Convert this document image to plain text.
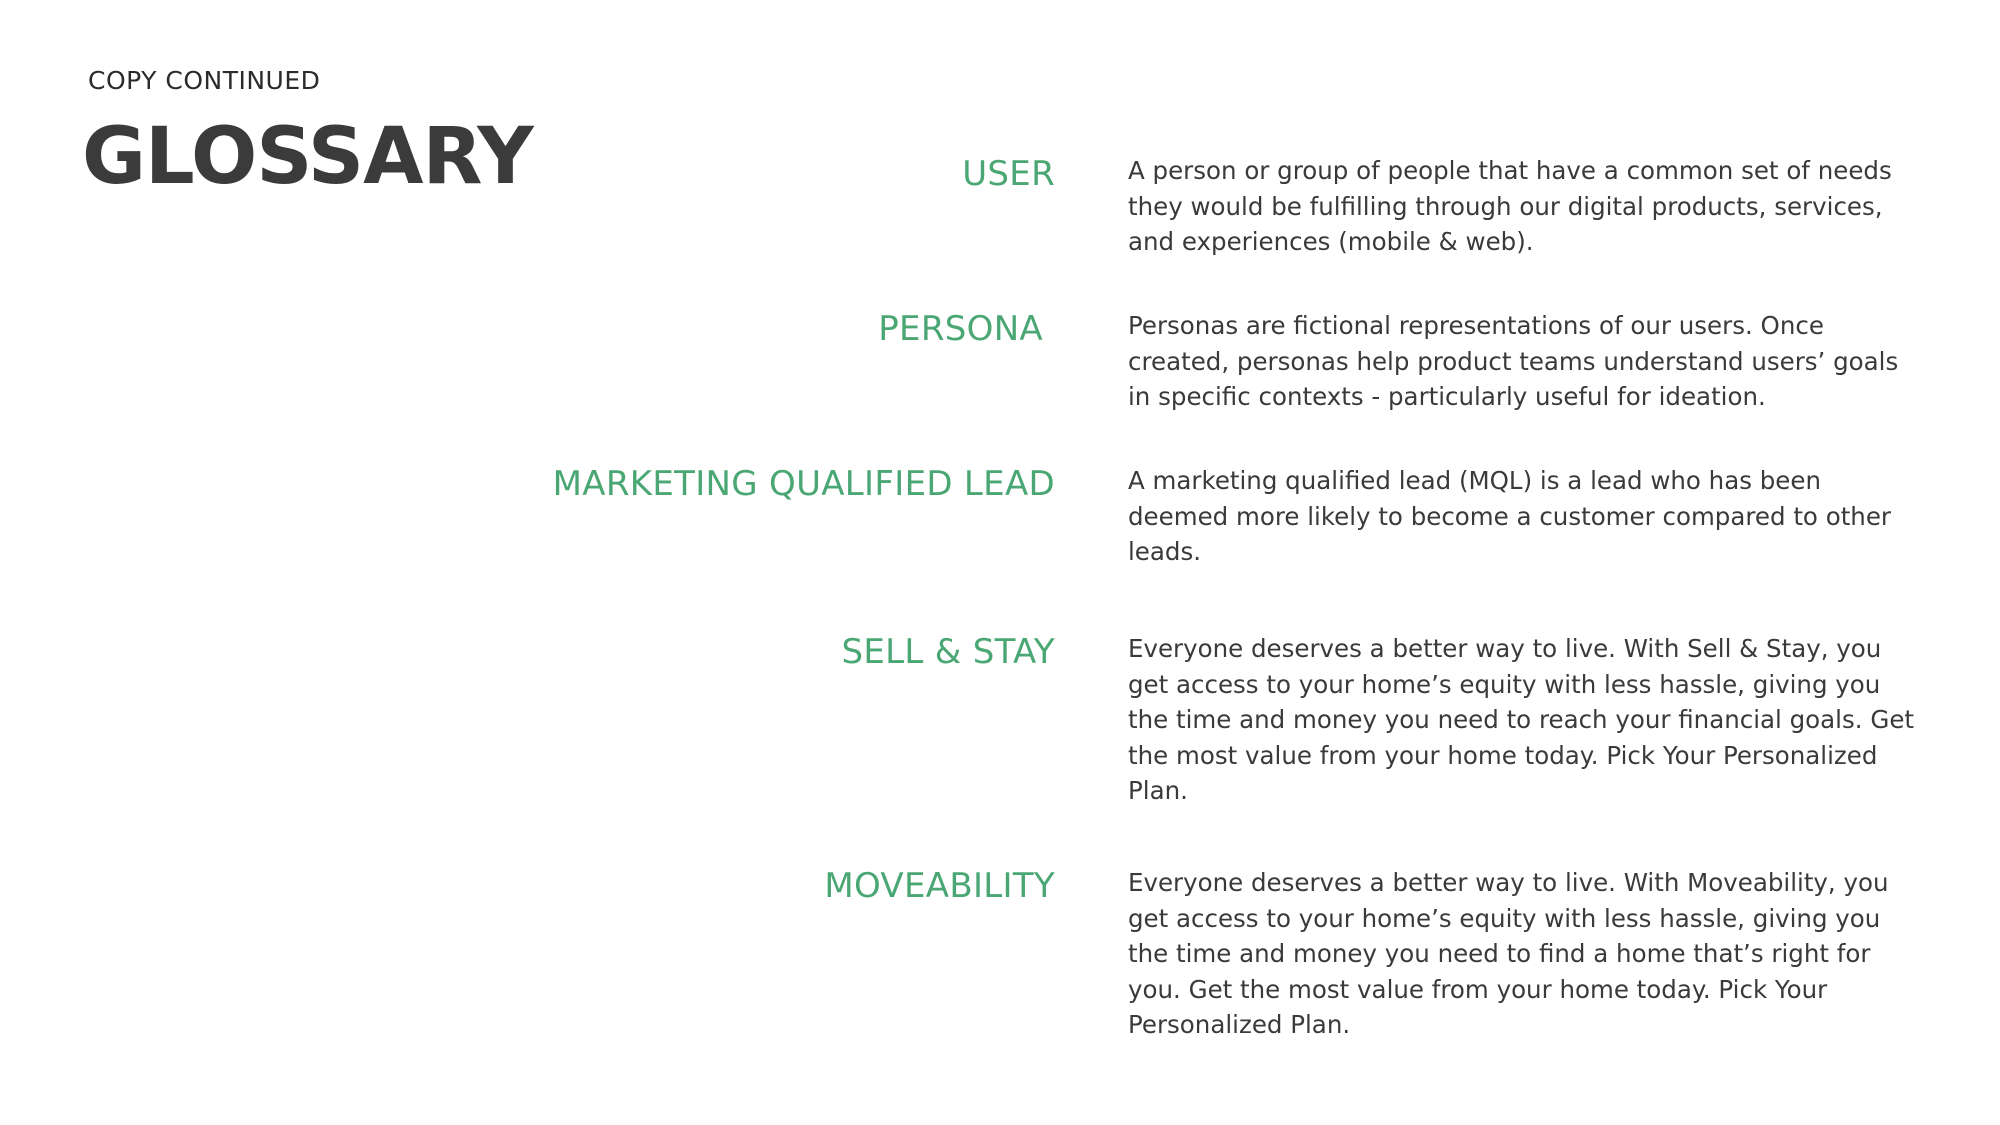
COPY CONTINUED
GLOSSARY	USER	A person or group of people that have a common set of needs they would be fulfilling through our digital products, services, and experiences (mobile & web).
PERSONA	Personas are fictional representations of our users. Once created, personas help product teams understand users’ goals in specific contexts - particularly useful for ideation.
MARKETING QUALIFIED LEAD	A marketing qualified lead (MQL) is a lead who has been deemed more likely to become a customer compared to other leads.
SELL & STAY	Everyone deserves a better way to live. With Sell & Stay, you get access to your home’s equity with less hassle, giving you the time and money you need to reach your financial goals. Get the most value from your home today. Pick Your Personalized Plan.
MOVEABILITY	Everyone deserves a better way to live. With Moveability, you get access to your home’s equity with less hassle, giving you the time and money you need to find a home that’s right for you. Get the most value from your home today. Pick Your Personalized Plan.
